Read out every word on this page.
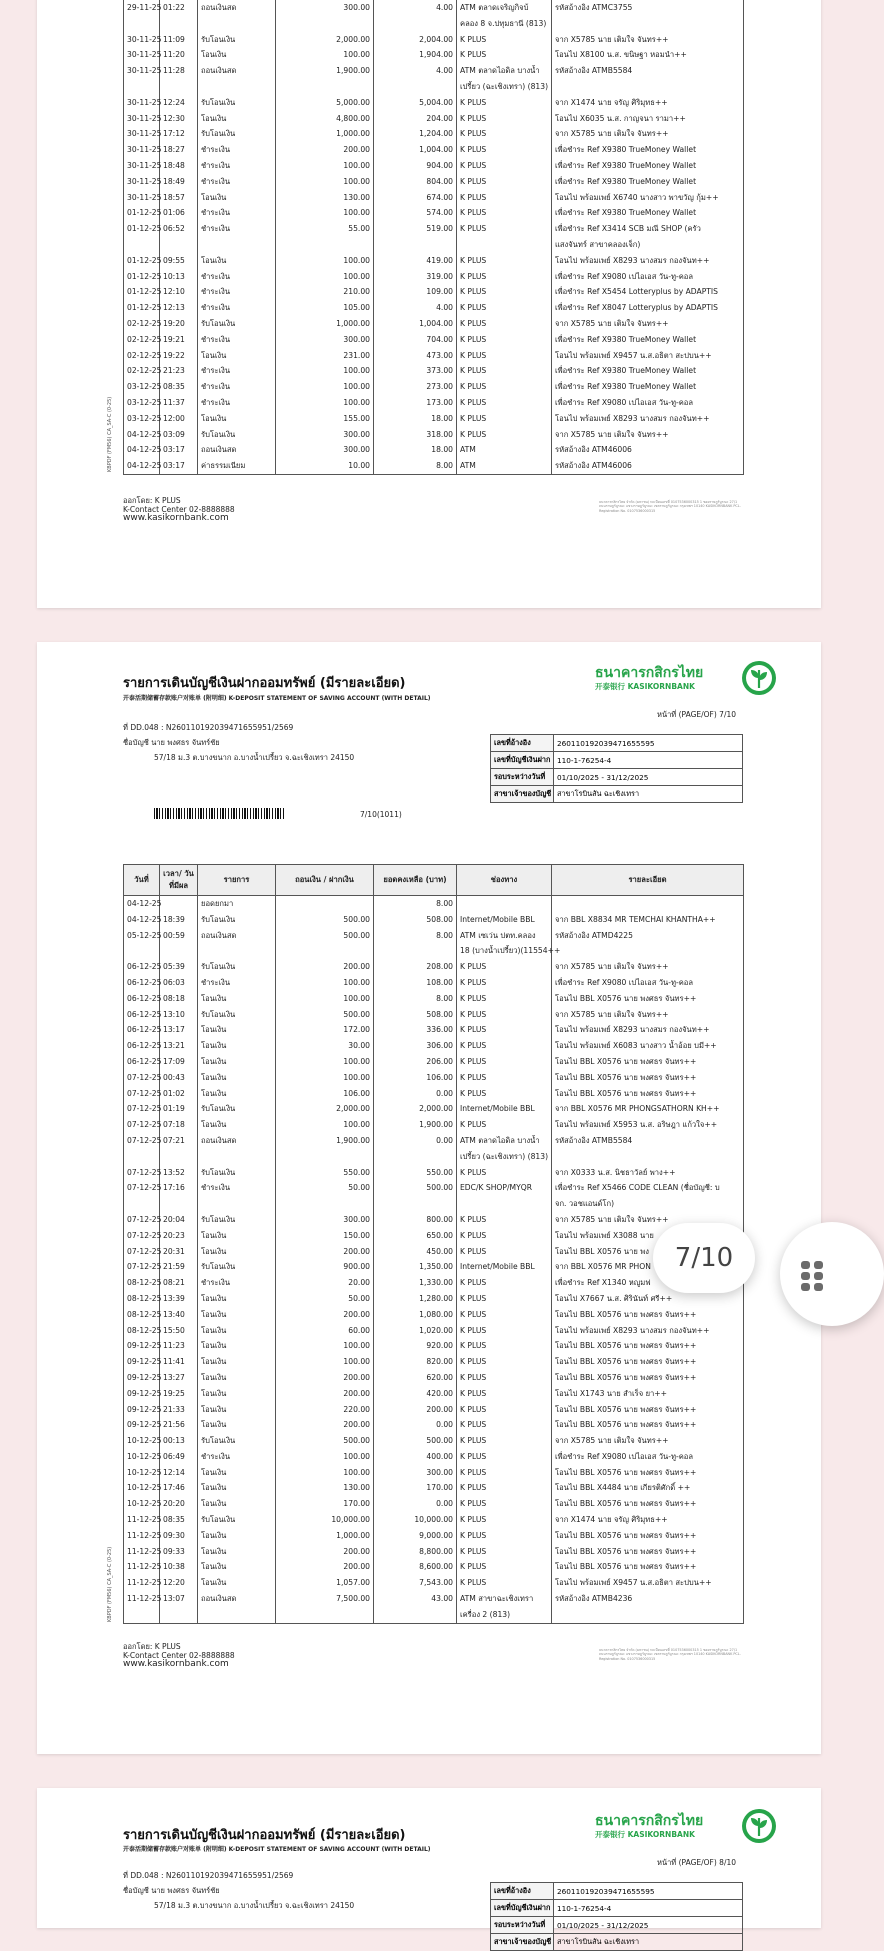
29-11-25	01:22	ถอนเงินสด	300.00	4.00	ATM ตลาดเจริญกิจบ้	รหัสอ้างอิง ATMC3755
					คลอง 8 จ.ปทุมธานี (813)	
30-11-25	11:09	รับโอนเงิน	2,000.00	2,004.00	K PLUS	จาก X5785 นาย เติมใจ จันทร++
30-11-25	11:20	โอนเงิน	100.00	1,904.00	K PLUS	โอนไป X8100 น.ส. ขนิษฐา หอมนำ++
30-11-25	11:28	ถอนเงินสด	1,900.00	4.00	ATM ตลาดไอดิล บางน้ำ	รหัสอ้างอิง ATMB5584
					เปรี้ยว (ฉะเชิงเทรา) (813)	
30-11-25	12:24	รับโอนเงิน	5,000.00	5,004.00	K PLUS	จาก X1474 นาย จรัญ ศิริมุทธ++
30-11-25	12:30	โอนเงิน	4,800.00	204.00	K PLUS	โอนไป X6035 น.ส. กาญจนา รามา++
30-11-25	17:12	รับโอนเงิน	1,000.00	1,204.00	K PLUS	จาก X5785 นาย เติมใจ จันทร++
30-11-25	18:27	ชำระเงิน	200.00	1,004.00	K PLUS	เพื่อชำระ Ref X9380 TrueMoney Wallet
30-11-25	18:48	ชำระเงิน	100.00	904.00	K PLUS	เพื่อชำระ Ref X9380 TrueMoney Wallet
30-11-25	18:49	ชำระเงิน	100.00	804.00	K PLUS	เพื่อชำระ Ref X9380 TrueMoney Wallet
30-11-25	18:57	โอนเงิน	130.00	674.00	K PLUS	โอนไป พร้อมเพย์ X6740 นางสาว พาขวัญ กุ้ม++
01-12-25	01:06	ชำระเงิน	100.00	574.00	K PLUS	เพื่อชำระ Ref X9380 TrueMoney Wallet
01-12-25	06:52	ชำระเงิน	55.00	519.00	K PLUS	เพื่อชำระ Ref X3414 SCB มณี SHOP (ครัว
						แสงจันทร์ สาขาคลองเจ็ก)
01-12-25	09:55	โอนเงิน	100.00	419.00	K PLUS	โอนไป พร้อมเพย์ X8293 นางสมร กองจันท++
01-12-25	10:13	ชำระเงิน	100.00	319.00	K PLUS	เพื่อชำระ Ref X9080 เปไอเอส วัน-ทู-คอล
01-12-25	12:10	ชำระเงิน	210.00	109.00	K PLUS	เพื่อชำระ Ref X5454 Lotteryplus by ADAPTIS
01-12-25	12:13	ชำระเงิน	105.00	4.00	K PLUS	เพื่อชำระ Ref X8047 Lotteryplus by ADAPTIS
02-12-25	19:20	รับโอนเงิน	1,000.00	1,004.00	K PLUS	จาก X5785 นาย เติมใจ จันทร++
02-12-25	19:21	ชำระเงิน	300.00	704.00	K PLUS	เพื่อชำระ Ref X9380 TrueMoney Wallet
02-12-25	19:22	โอนเงิน	231.00	473.00	K PLUS	โอนไป พร้อมเพย์ X9457 น.ส.อธิตา สะปบน++
02-12-25	21:23	ชำระเงิน	100.00	373.00	K PLUS	เพื่อชำระ Ref X9380 TrueMoney Wallet
03-12-25	08:35	ชำระเงิน	100.00	273.00	K PLUS	เพื่อชำระ Ref X9380 TrueMoney Wallet
03-12-25	11:37	ชำระเงิน	100.00	173.00	K PLUS	เพื่อชำระ Ref X9080 เปไอเอส วัน-ทู-คอล
03-12-25	12:00	โอนเงิน	155.00	18.00	K PLUS	โอนไป พร้อมเพย์ X8293 นางสมร กองจันท++
04-12-25	03:09	รับโอนเงิน	300.00	318.00	K PLUS	จาก X5785 นาย เติมใจ จันทร++
04-12-25	03:17	ถอนเงินสด	300.00	18.00	ATM	รหัสอ้างอิง ATM46006
04-12-25	03:17	ค่าธรรมเนียม	10.00	8.00	ATM	รหัสอ้างอิง ATM46006
KBPDF (FM56) CA_SA-C (0-25)
ออกโดย: K PLUS
K-Contact Center 02-8888888
www.kasikornbank.com
ธนาคารกสิกรไทย จำกัด (มหาชน) ทะเบียนเลขที่ 0107536000315 1 ซอยราษฎร์บูรณะ 27/1 ถนนราษฎร์บูรณะ แขวงราษฎร์บูรณะ เขตราษฎร์บูรณะ กรุงเทพฯ 10140 KASIKORNBANK PCL. Registration No. 0107536000315
รายการเดินบัญชีเงินฝากออมทรัพย์ (มีรายละเอียด)
开泰活期储蓄存款账户对账单 (附明细) K-DEPOSIT STATEMENT OF SAVING ACCOUNT (WITH DETAIL)
ธนาคารกสิกรไทย
开泰银行 KASIKORNBANK
หน้าที่ (PAGE/OF) 7/10
ที่ DD.048 : N260110192039471655951/2569
ชื่อบัญชี นาย พงศธร จันทร์ชัย
57/18 ม.3 ต.บางขนาก อ.บางน้ำเปรี้ยว จ.ฉะเชิงเทรา 24150
เลขที่อ้างอิง	260110192039471655595
เลขที่บัญชีเงินฝาก	110-1-76254-4
รอบระหว่างวันที่	01/10/2025 - 31/12/2025
สาขาเจ้าของบัญชี	สาขาโรบินสัน ฉะเชิงเทรา
7/10(1011)
วันที่	เวลา/ วันที่มีผล	รายการ	ถอนเงิน / ฝากเงิน	ยอดคงเหลือ (บาท)	ช่องทาง	รายละเอียด
04-12-25		ยอดยกมา		8.00		
04-12-25	18:39	รับโอนเงิน	500.00	508.00	Internet/Mobile BBL	จาก BBL X8834 MR TEMCHAI KHANTHA++
05-12-25	00:59	ถอนเงินสด	500.00	8.00	ATM เซเว่น ปตท.คลอง	รหัสอ้างอิง ATMD4225
					18 (บางน้ำเปรี้ยว)(11554++	
06-12-25	05:39	รับโอนเงิน	200.00	208.00	K PLUS	จาก X5785 นาย เติมใจ จันทร++
06-12-25	06:03	ชำระเงิน	100.00	108.00	K PLUS	เพื่อชำระ Ref X9080 เปไอเอส วัน-ทู-คอล
06-12-25	08:18	โอนเงิน	100.00	8.00	K PLUS	โอนไป BBL X0576 นาย พงศธร จันทร++
06-12-25	13:10	รับโอนเงิน	500.00	508.00	K PLUS	จาก X5785 นาย เติมใจ จันทร++
06-12-25	13:17	โอนเงิน	172.00	336.00	K PLUS	โอนไป พร้อมเพย์ X8293 นางสมร กองจันท++
06-12-25	13:21	โอนเงิน	30.00	306.00	K PLUS	โอนไป พร้อมเพย์ X6083 นางสาว น้ำอ้อย บมี++
06-12-25	17:09	โอนเงิน	100.00	206.00	K PLUS	โอนไป BBL X0576 นาย พงศธร จันทร++
07-12-25	00:43	โอนเงิน	100.00	106.00	K PLUS	โอนไป BBL X0576 นาย พงศธร จันทร++
07-12-25	01:02	โอนเงิน	106.00	0.00	K PLUS	โอนไป BBL X0576 นาย พงศธร จันทร++
07-12-25	01:19	รับโอนเงิน	2,000.00	2,000.00	Internet/Mobile BBL	จาก BBL X0576 MR PHONGSATHORN KH++
07-12-25	07:18	โอนเงิน	100.00	1,900.00	K PLUS	โอนไป พร้อมเพย์ X5953 น.ส. อริษฎา แก้วใจ++
07-12-25	07:21	ถอนเงินสด	1,900.00	0.00	ATM ตลาดไอดิล บางน้ำ	รหัสอ้างอิง ATMB5584
					เปรี้ยว (ฉะเชิงเทรา) (813)	
07-12-25	13:52	รับโอนเงิน	550.00	550.00	K PLUS	จาก X0333 น.ส. นิชธาวัลย์ พาง++
07-12-25	17:16	ชำระเงิน	50.00	500.00	EDC/K SHOP/MYQR	เพื่อชำระ Ref X5466 CODE CLEAN (ชื่อบัญชี: บ
						จก. วอชแอนด์โก)
07-12-25	20:04	รับโอนเงิน	300.00	800.00	K PLUS	จาก X5785 นาย เติมใจ จันทร++
07-12-25	20:23	โอนเงิน	150.00	650.00	K PLUS	โอนไป พร้อมเพย์ X3088 นาย
07-12-25	20:31	โอนเงิน	200.00	450.00	K PLUS	โอนไป BBL X0576 นาย พง
07-12-25	21:59	รับโอนเงิน	900.00	1,350.00	Internet/Mobile BBL	จาก BBL X0576 MR PHON
08-12-25	08:21	ชำระเงิน	20.00	1,330.00	K PLUS	เพื่อชำระ Ref X1340 หญูมฟ
08-12-25	13:39	โอนเงิน	50.00	1,280.00	K PLUS	โอนไป X7667 น.ส. ศิรินันท์ ศรี++
08-12-25	13:40	โอนเงิน	200.00	1,080.00	K PLUS	โอนไป BBL X0576 นาย พงศธร จันทร++
08-12-25	15:50	โอนเงิน	60.00	1,020.00	K PLUS	โอนไป พร้อมเพย์ X8293 นางสมร กองจันท++
09-12-25	11:23	โอนเงิน	100.00	920.00	K PLUS	โอนไป BBL X0576 นาย พงศธร จันทร++
09-12-25	11:41	โอนเงิน	100.00	820.00	K PLUS	โอนไป BBL X0576 นาย พงศธร จันทร++
09-12-25	13:27	โอนเงิน	200.00	620.00	K PLUS	โอนไป BBL X0576 นาย พงศธร จันทร++
09-12-25	19:25	โอนเงิน	200.00	420.00	K PLUS	โอนไป X1743 นาย สำเร็จ ยา++
09-12-25	21:33	โอนเงิน	220.00	200.00	K PLUS	โอนไป BBL X0576 นาย พงศธร จันทร++
09-12-25	21:56	โอนเงิน	200.00	0.00	K PLUS	โอนไป BBL X0576 นาย พงศธร จันทร++
10-12-25	00:13	รับโอนเงิน	500.00	500.00	K PLUS	จาก X5785 นาย เติมใจ จันทร++
10-12-25	06:49	ชำระเงิน	100.00	400.00	K PLUS	เพื่อชำระ Ref X9080 เปไอเอส วัน-ทู-คอล
10-12-25	12:14	โอนเงิน	100.00	300.00	K PLUS	โอนไป BBL X0576 นาย พงศธร จันทร++
10-12-25	17:46	โอนเงิน	130.00	170.00	K PLUS	โอนไป BBL X4484 นาย เกียรติศักดิ์ ++
10-12-25	20:20	โอนเงิน	170.00	0.00	K PLUS	โอนไป BBL X0576 นาย พงศธร จันทร++
11-12-25	08:35	รับโอนเงิน	10,000.00	10,000.00	K PLUS	จาก X1474 นาย จรัญ ศิริมุทธ++
11-12-25	09:30	โอนเงิน	1,000.00	9,000.00	K PLUS	โอนไป BBL X0576 นาย พงศธร จันทร++
11-12-25	09:33	โอนเงิน	200.00	8,800.00	K PLUS	โอนไป BBL X0576 นาย พงศธร จันทร++
11-12-25	10:38	โอนเงิน	200.00	8,600.00	K PLUS	โอนไป BBL X0576 นาย พงศธร จันทร++
11-12-25	12:20	โอนเงิน	1,057.00	7,543.00	K PLUS	โอนไป พร้อมเพย์ X9457 น.ส.อธิตา สะปบน++
11-12-25	13:07	ถอนเงินสด	7,500.00	43.00	ATM สาขาฉะเชิงเทรา	รหัสอ้างอิง ATMB4236
					เครื่อง 2 (813)	
KBPDF (FM56) CA_SA-C (0-25)
ออกโดย: K PLUS
K-Contact Center 02-8888888
www.kasikornbank.com
ธนาคารกสิกรไทย จำกัด (มหาชน) ทะเบียนเลขที่ 0107536000315 1 ซอยราษฎร์บูรณะ 27/1 ถนนราษฎร์บูรณะ แขวงราษฎร์บูรณะ เขตราษฎร์บูรณะ กรุงเทพฯ 10140 KASIKORNBANK PCL. Registration No. 0107536000315
รายการเดินบัญชีเงินฝากออมทรัพย์ (มีรายละเอียด)
开泰活期储蓄存款账户对账单 (附明细) K-DEPOSIT STATEMENT OF SAVING ACCOUNT (WITH DETAIL)
ธนาคารกสิกรไทย
开泰银行 KASIKORNBANK
หน้าที่ (PAGE/OF) 8/10
ที่ DD.048 : N260110192039471655951/2569
ชื่อบัญชี นาย พงศธร จันทร์ชัย
57/18 ม.3 ต.บางขนาก อ.บางน้ำเปรี้ยว จ.ฉะเชิงเทรา 24150
เลขที่อ้างอิง	260110192039471655595
เลขที่บัญชีเงินฝาก	110-1-76254-4
รอบระหว่างวันที่	01/10/2025 - 31/12/2025
สาขาเจ้าของบัญชี	สาขาโรบินสัน ฉะเชิงเทรา
7/10
